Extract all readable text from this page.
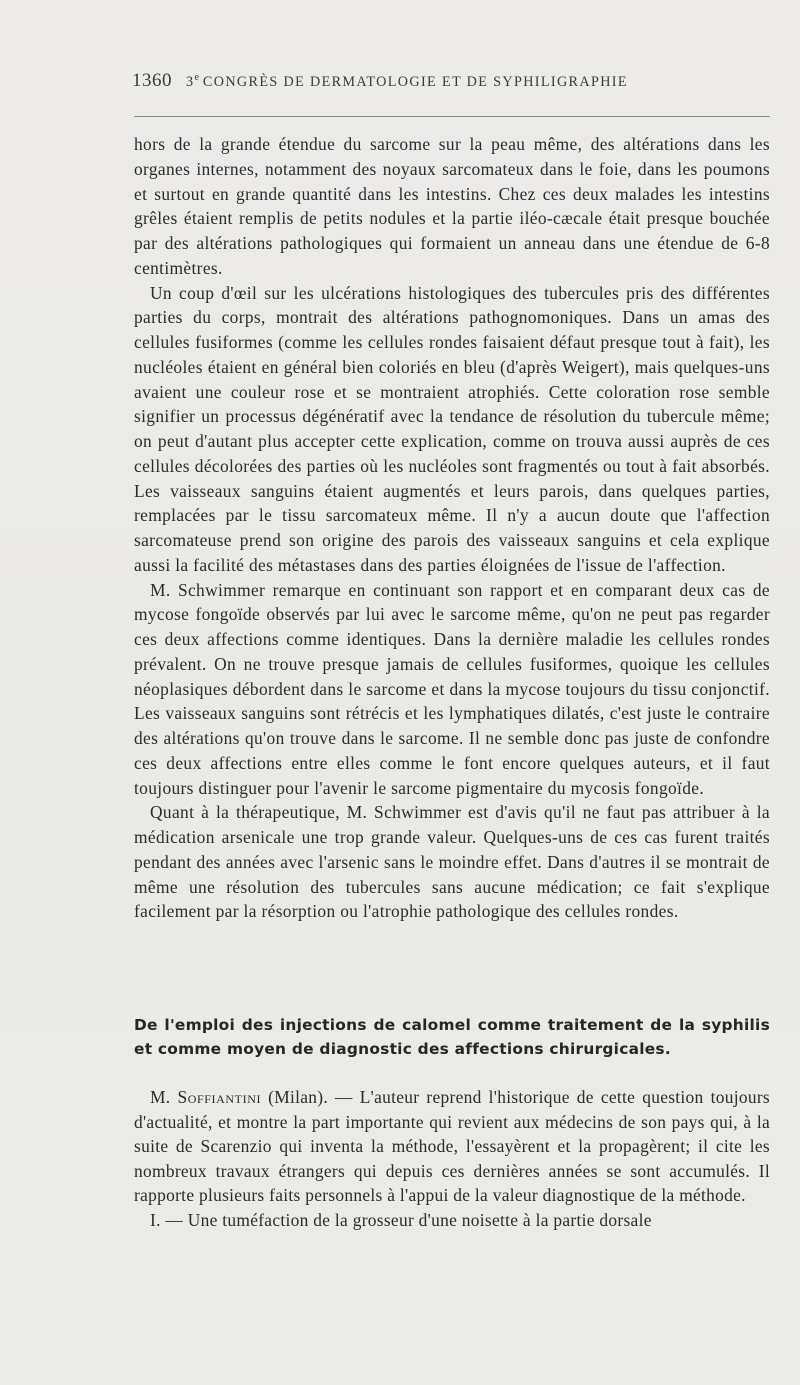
1360 3e CONGRÈS DE DERMATOLOGIE ET DE SYPHILIGRAPHIE

hors de la grande étendue du sarcome sur la peau même, des altérations dans les organes internes, notamment des noyaux sarcomateux dans le foie, dans les poumons et surtout en grande quantité dans les intestins. Chez ces deux malades les intestins grêles étaient remplis de petits nodules et la partie iléo-cæcale était presque bouchée par des altérations pathologiques qui formaient un anneau dans une étendue de 6-8 centimètres.

Un coup d'œil sur les ulcérations histologiques des tubercules pris des différentes parties du corps, montrait des altérations pathognomoniques. Dans un amas des cellules fusiformes (comme les cellules rondes faisaient défaut presque tout à fait), les nucléoles étaient en général bien coloriés en bleu (d'après Weigert), mais quelques-uns avaient une couleur rose et se montraient atrophiés. Cette coloration rose semble signifier un processus dégénératif avec la tendance de résolution du tubercule même; on peut d'autant plus accepter cette explication, comme on trouva aussi auprès de ces cellules décolorées des parties où les nucléoles sont fragmentés ou tout à fait absorbés. Les vaisseaux sanguins étaient augmentés et leurs parois, dans quelques parties, remplacées par le tissu sarcomateux même. Il n'y a aucun doute que l'affection sarcomateuse prend son origine des parois des vaisseaux sanguins et cela explique aussi la facilité des métastases dans des parties éloignées de l'issue de l'affection.

M. Schwimmer remarque en continuant son rapport et en comparant deux cas de mycose fongoïde observés par lui avec le sarcome même, qu'on ne peut pas regarder ces deux affections comme identiques. Dans la dernière maladie les cellules rondes prévalent. On ne trouve presque jamais de cellules fusiformes, quoique les cellules néoplasiques débordent dans le sarcome et dans la mycose toujours du tissu conjonctif. Les vaisseaux sanguins sont rétrécis et les lymphatiques dilatés, c'est juste le contraire des altérations qu'on trouve dans le sarcome. Il ne semble donc pas juste de confondre ces deux affections entre elles comme le font encore quelques auteurs, et il faut toujours distinguer pour l'avenir le sarcome pigmentaire du mycosis fongoïde.

Quant à la thérapeutique, M. Schwimmer est d'avis qu'il ne faut pas attribuer à la médication arsenicale une trop grande valeur. Quelques-uns de ces cas furent traités pendant des années avec l'arsenic sans le moindre effet. Dans d'autres il se montrait de même une résolution des tubercules sans aucune médication; ce fait s'explique facilement par la résorption ou l'atrophie pathologique des cellules rondes.

De l'emploi des injections de calomel comme traitement de la syphilis et comme moyen de diagnostic des affections chirurgicales.

M. Soffiantini (Milan). — L'auteur reprend l'historique de cette question toujours d'actualité, et montre la part importante qui revient aux médecins de son pays qui, à la suite de Scarenzio qui inventa la méthode, l'essayèrent et la propagèrent; il cite les nombreux travaux étrangers qui depuis ces dernières années se sont accumulés. Il rapporte plusieurs faits personnels à l'appui de la valeur diagnostique de la méthode.

I. — Une tuméfaction de la grosseur d'une noisette à la partie dorsale
